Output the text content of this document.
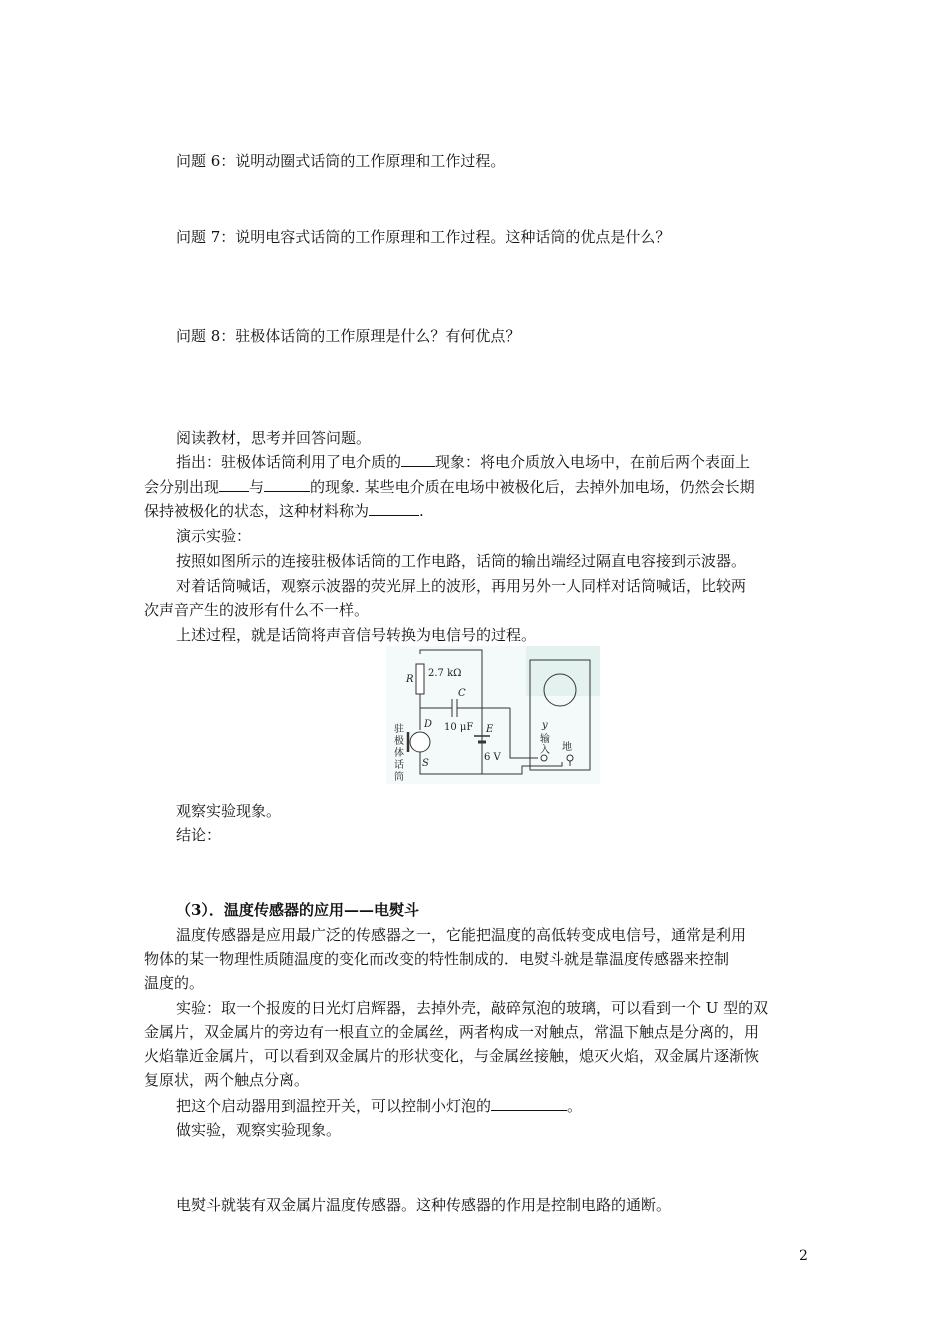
问题 6：说明动圈式话筒的工作原理和工作过程。
问题 7：说明电容式话筒的工作原理和工作过程。这种话筒的优点是什么？
问题 8：驻极体话筒的工作原理是什么？有何优点？
阅读教材，思考并回答问题。
指出：驻极体话筒利用了电介质的 现象：将电介质放入电场中，在前后两个表面上
会分别出现 与	的现象. 某些电介质在电场中被极化后，去掉外加电场，仍然会长期
保持被极化的状态，这种材料称为	.
演示实验：
按照如图所示的连接驻极体话筒的工作电路，话筒的输出端经过隔直电容接到示波器。
对着话筒喊话，观察示波器的荧光屏上的波形，再用另外一人同样对话筒喊话，比较两
次声音产生的波形有什么不一样。
上述过程，就是话筒将声音信号转换为电信号的过程。
R
2.7 kΩ
C
10 μF E
6 V
D
S
驻
极
体
话
筒
y
输
入 地
观察实验现象。
结论：
（3）．温度传感器的应用——电熨斗
温度传感器是应用最广泛的传感器之一，它能把温度的高低转变成电信号，通常是利用
物体的某一物理性质随温度的变化而改变的特性制成的．电熨斗就是靠温度传感器来控制
温度的。
实验：取一个报废的日光灯启辉器，去掉外壳，敲碎氖泡的玻璃，可以看到一个 U 型的双
金属片，双金属片的旁边有一根直立的金属丝，两者构成一对触点，常温下触点是分离的，用
火焰靠近金属片，可以看到双金属片的形状变化，与金属丝接触，熄灭火焰，双金属片逐渐恢
复原状，两个触点分离。
把这个启动器用到温控开关，可以控制小灯泡的	。
做实验，观察实验现象。
电熨斗就装有双金属片温度传感器。这种传感器的作用是控制电路的通断。
2
